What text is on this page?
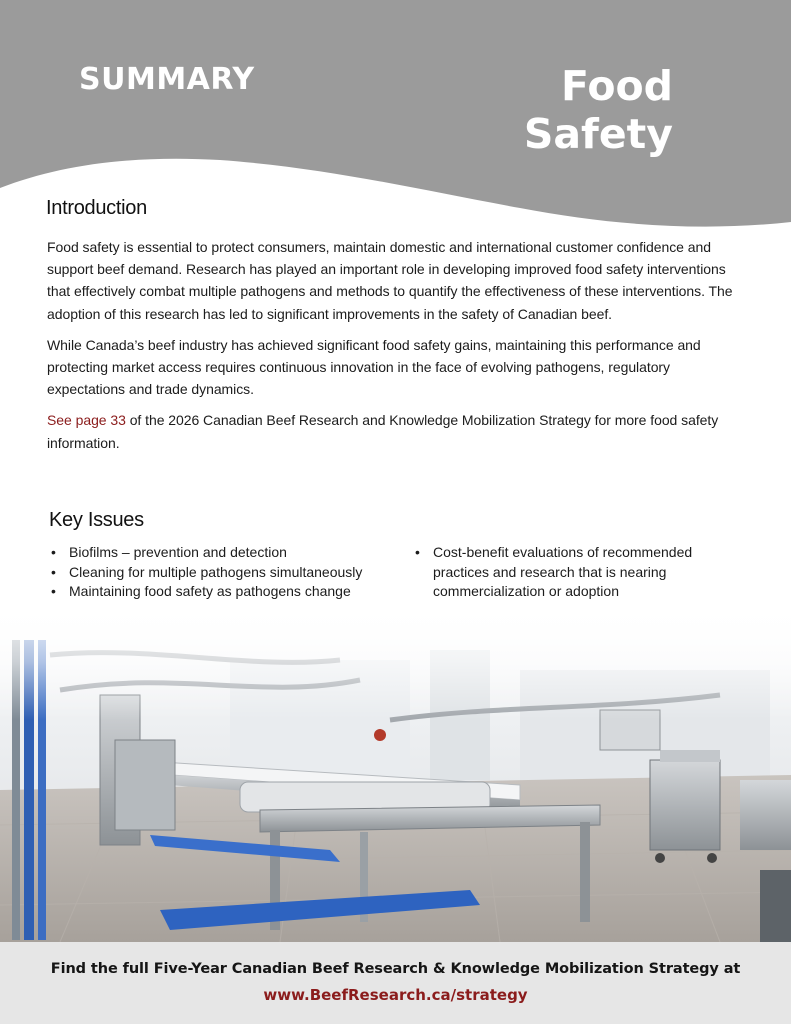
SUMMARY	Food
Safety
Introduction

Food safety is essential to protect consumers, maintain domestic and international customer confidence and support beef demand. Research has played an important role in developing improved food safety interventions that effectively combat multiple pathogens and methods to quantify the effectiveness of these interventions. The adoption of this research has led to significant improvements in the safety of Canadian beef.

While Canada’s beef industry has achieved significant food safety gains, maintaining this performance and protecting market access requires continuous innovation in the face of evolving pathogens, regulatory expectations and trade dynamics.

See page 33 of the 2026 Canadian Beef Research and Knowledge Mobilization Strategy for more food safety information.

Key Issues
• Biofilms – prevention and detection
• Cleaning for multiple pathogens simultaneously
• Maintaining food safety as pathogens change
•
• Cost-benefit evaluations of recommended practices and research that is nearing commercialization or adoption
Find the full Five-Year Canadian Beef Research & Knowledge Mobilization Strategy at
www.BeefResearch.ca/strategy
